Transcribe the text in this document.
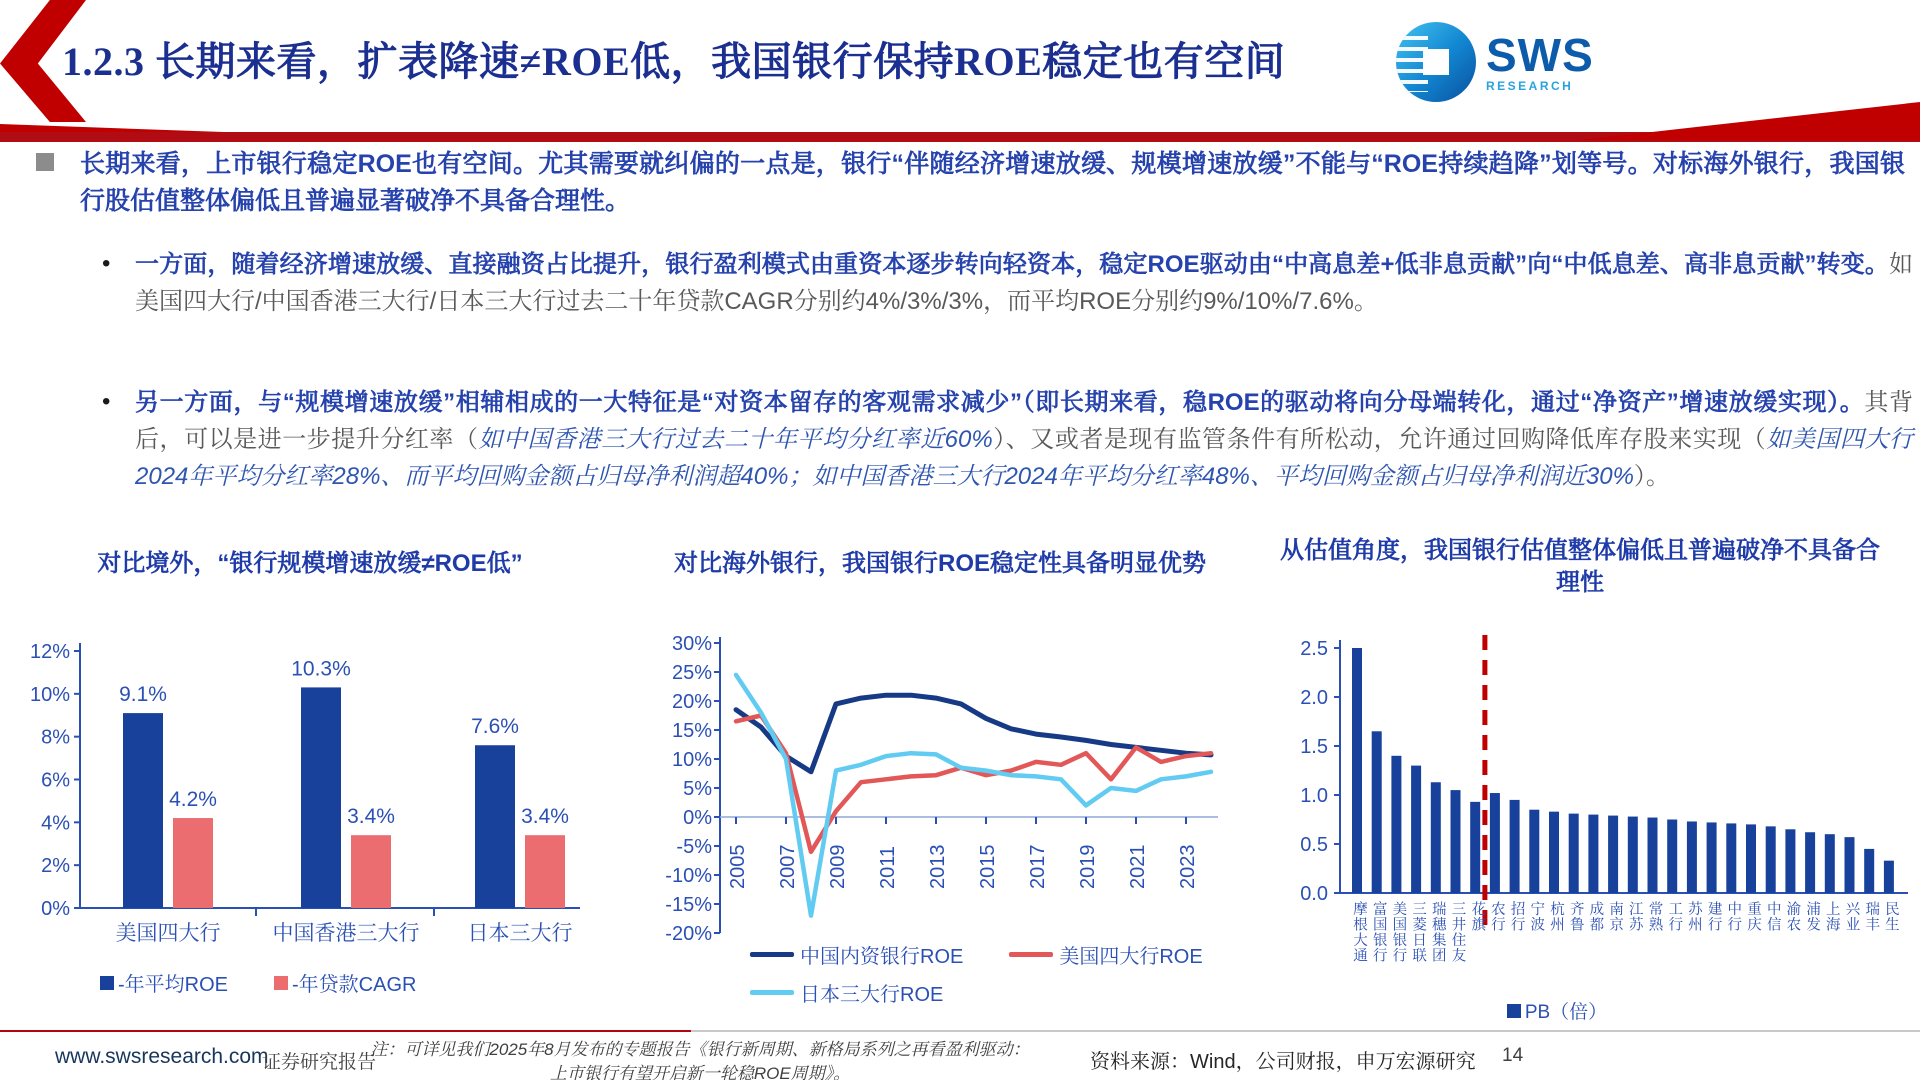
1.2.3 长期来看，扩表降速≠ROE低，我国银行保持ROE稳定也有空间	SWS
RESEARCH
长期来看，上市银行稳定ROE也有空间。尤其需要就纠偏的一点是，银行“伴随经济增速放缓、规模增速放缓”不能与“ROE持续趋降”划等号。对标海外银行，我国银行股估值整体偏低且普遍显著破净不具备合理性。
• 一方面，随着经济增速放缓、直接融资占比提升，银行盈利模式由重资本逐步转向轻资本，稳定ROE驱动由“中高息差+低非息贡献”向“中低息差、高非息贡献”转变。如美国四大行/中国香港三大行/日本三大行过去二十年贷款CAGR分别约4%/3%/3%，而平均ROE分别约9%/10%/7.6%。
• 另一方面，与“规模增速放缓”相辅相成的一大特征是“对资本留存的客观需求减少”（即长期来看，稳ROE的驱动将向分母端转化，通过“净资产”增速放缓实现）。其背后，可以是进一步提升分红率（如中国香港三大行过去二十年平均分红率近60%）、又或者是现有监管条件有所松动，允许通过回购降低库存股来实现（如美国四大行2024年平均分红率28%、而平均回购金额占归母净利润超40%；如中国香港三大行2024年平均分红率48%、平均回购金额占归母净利润近30%）。
对比境外，“银行规模增速放缓≠ROE低”
0%
2%
4%
6%
8%
10%
12%
9.1%
4.2%
美国四大行
10.3%
3.4%
中国香港三大行
7.6%
3.4%
日本三大行
-年平均ROE	-年贷款CAGR
对比海外银行，我国银行ROE稳定性具备明显优势
30%
25%
20%
15%
10%
5%
0%
-5%
-10%
-15%
-20%
2005 2007 2009 2011 2013 2015 2017 2019 2021 2023
中国内资银行ROE	美国四大行ROE
日本三大行ROE
从估值角度，我国银行估值整体偏低且普遍破净不具备合理性
0.0
0.5
1.0
1.5
2.0
2.5
摩根大通 富国银行 美国银行 三菱日联 瑞穗集团 三井住友 花旗 农行 招行 宁波 杭州 齐鲁 成都 南京 江苏 常熟 工行 苏州 建行 中行 重庆 中信 渝农 浦发 上海 兴业 瑞丰 民生
PB（倍）
www.swsresearch.com
证券研究报告
注：可详见我们2025年8月发布的专题报告《银行新周期、新格局系列之再看盈利驱动：
上市银行有望开启新一轮稳ROE周期》。
资料来源：Wind，公司财报，申万宏源研究 14
